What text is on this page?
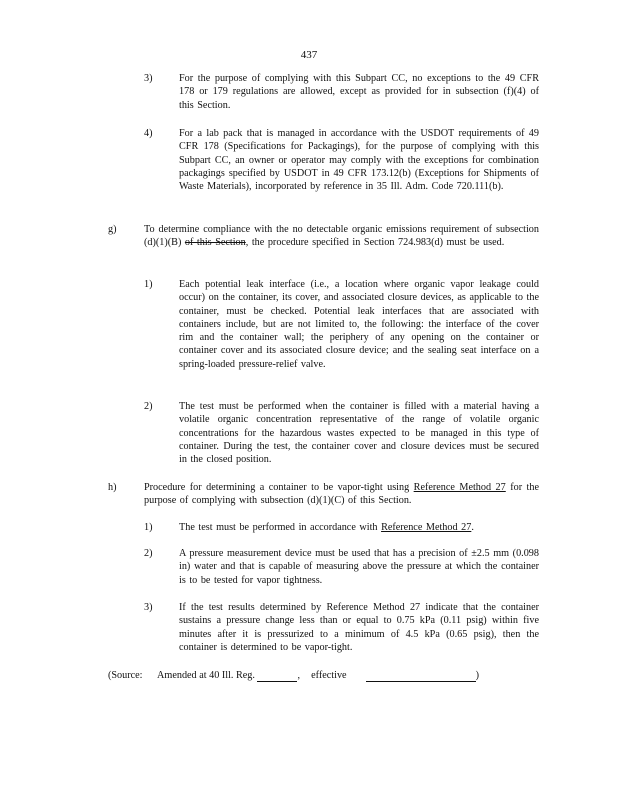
437
3)	For the purpose of complying with this Subpart CC, no exceptions to the 49 CFR 178 or 179 regulations are allowed, except as provided for in subsection (f)(4) of this Section.
4)	For a lab pack that is managed in accordance with the USDOT requirements of 49 CFR 178 (Specifications for Packagings), for the purpose of complying with this Subpart CC, an owner or operator may comply with the exceptions for combination packagings specified by USDOT in 49 CFR 173.12(b) (Exceptions for Shipments of Waste Materials), incorporated by reference in 35 Ill. Adm. Code 720.111(b).
g)	To determine compliance with the no detectable organic emissions requirement of subsection (d)(1)(B) of this Section, the procedure specified in Section 724.983(d) must be used.
1)	Each potential leak interface (i.e., a location where organic vapor leakage could occur) on the container, its cover, and associated closure devices, as applicable to the container, must be checked. Potential leak interfaces that are associated with containers include, but are not limited to, the following: the interface of the cover rim and the container wall; the periphery of any opening on the container or container cover and its associated closure device; and the sealing seat interface on a spring-loaded pressure-relief valve.
2)	The test must be performed when the container is filled with a material having a volatile organic concentration representative of the range of volatile organic concentrations for the hazardous wastes expected to be managed in this type of container. During the test, the container cover and closure devices must be secured in the closed position.
h)	Procedure for determining a container to be vapor-tight using Reference Method 27 for the purpose of complying with subsection (d)(1)(C) of this Section.
1)	The test must be performed in accordance with Reference Method 27.
2)	A pressure measurement device must be used that has a precision of ±2.5 mm (0.098 in) water and that is capable of measuring above the pressure at which the container is to be tested for vapor tightness.
3)	If the test results determined by Reference Method 27 indicate that the container sustains a pressure change less than or equal to 0.75 kPa (0.11 psig) within five minutes after it is pressurized to a minimum of 4.5 kPa (0.65 psig), then the container is determined to be vapor-tight.
(Source: Amended at 40 Ill. Reg.	,  effective	)
